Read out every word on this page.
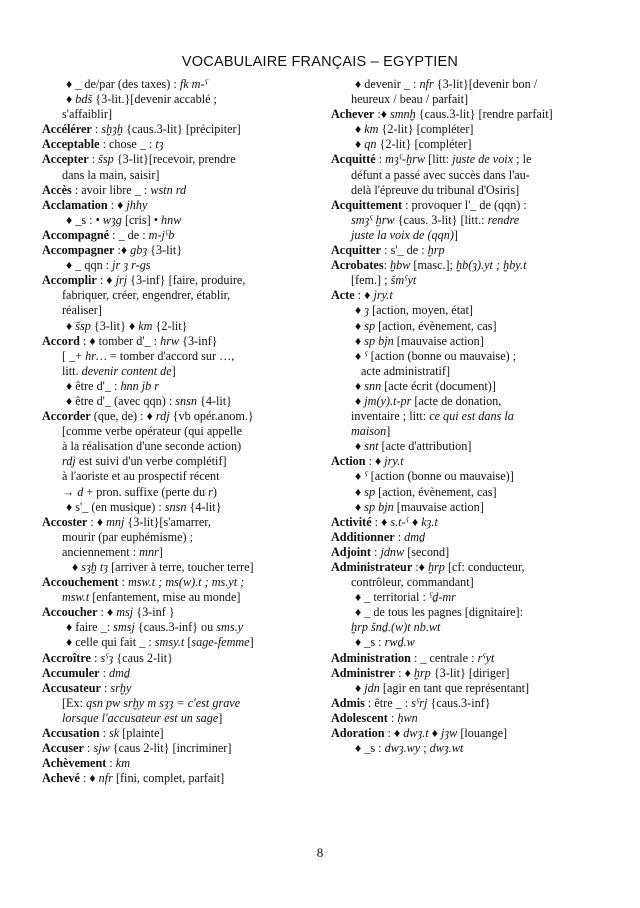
VOCABULAIRE FRANÇAIS – EGYPTIEN
♦ _ de/par (des taxes) : fk m-ˁ
♦ bdš {3-lit.}[devenir accablé ;
s'affaiblir]
Accélérer : sḫȝḫ {caus.3-lit} [précipiter]
Acceptable : chose _ : tȝ
Accepter : šsp {3-lit}[recevoir, prendre
dans la main, saisir]
Accès : avoir libre _ : wstn rd
Acclamation : ♦ jhhy
♦ _s : • wȝg [cris] • hnw
Accompagné : _ de : m-jˁb
Accompagner :♦ gbȝ {3-lit}
♦ _ qqn : jr ȝ r-gs
Accomplir : ♦ jrj {3-inf} [faire, produire,
fabriquer, créer, engendrer, établir,
réaliser]
♦ šsp {3-lit} ♦ km {2-lit}
Accord : ♦ tomber d'_ : hrw {3-inf}
[ _+ hr… = tomber d'accord sur …,
litt. devenir content de]
♦ être d'_ : hnn jb r
♦ être d'_ (avec qqn) : snsn {4-lit}
Accorder (que, de) : ♦ rdj {vb opér.anom.}
[comme verbe opérateur (qui appelle
à la réalisation d'une seconde action)
rdj est suivi d'un verbe complétif]
à l'aoriste et au prospectif récent
→ d + pron. suffixe (perte du r)
♦ s'_ (en musique) : snsn {4-lit}
Accoster : ♦ mnj {3-lit}[s'amarrer,
mourir (par euphémisme) ;
anciennement : mnr]
♦ sȝḫ tȝ [arriver à terre, toucher terre]
Accouchement : msw.t ; ms(w).t ; ms.yt ;
msw.t [enfantement, mise au monde]
Accoucher : ♦ msj {3-inf }
♦ faire _: smsj {caus.3-inf} ou sms.y
♦ celle qui fait _ : smsy.t [sage-femme]
Accroître : sˁȝ {caus 2-lit}
Accumuler : dmḏ
Accusateur : srḫy
[Ex: qsn pw srḫy m sȝȝ = c'est grave
lorsque l'accusateur est un sage]
Accusation : sk [plainte]
Accuser : sjw {caus 2-lit} [incriminer]
Achèvement : km
Achevé : ♦ nfr [fini, complet, parfait]
♦ devenir _ : nfr {3-lit}[devenir bon /
heureux / beau / parfait]
Achever :♦ smnḫ {caus.3-lit} [rendre parfait]
♦ km {2-lit} [compléter]
♦ qn {2-lit} [compléter]
Acquitté : mȝˁ-ḫrw [litt: juste de voix ; le
défunt a passé avec succès dans l'au-
delà l'épreuve du tribunal d'Osiris]
Acquittement : provoquer l'_ de (qqn) :
smȝˁ ḫrw {caus. 3-lit} [litt.: rendre
juste la voix de (qqn)]
Acquitter : s'_ de : ḫrp
Acrobates: ḫbw [masc.]; ḫb(ȝ).yt ; ḫby.t
[fem.] ; šmˁyt
Acte : ♦ jry.t
♦ ȝ [action, moyen, état]
♦ sp [action, évènement, cas]
♦ sp bjn [mauvaise action]
♦ ˁ [action (bonne ou mauvaise) ;
acte administratif]
♦ snn [acte écrit (document)]
♦ jm(y).t-pr [acte de donation,
inventaire ; litt: ce qui est dans la
maison]
♦ snt [acte d'attribution]
Action : ♦ jry.t
♦ ˁ [action (bonne ou mauvaise)]
♦ sp [action, évènement, cas]
♦ sp bjn [mauvaise action]
Activité : ♦ s.t-ˁ ♦ kȝ.t
Additionner : dmḏ
Adjoint : jdnw [second]
Administrateur :♦ ḫrp [cf: conducteur,
contrôleur, commandant]
♦ _ territorial : ˁḏ-mr
♦ _ de tous les pagnes [dignitaire]:
ḫrp šnḏ.(w)t nb.wt
♦ _s : rwḏ.w
Administration : _ centrale : rˁyt
Administrer : ♦ ḫrp {3-lit} [diriger]
♦ jdn [agir en tant que représentant]
Admis : être _ : sˁrj {caus.3-inf}
Adolescent : ḥwn
Adoration : ♦ dwȝ.t ♦ jȝw [louange]
♦ _s : dwȝ.wy ; dwȝ.wt
8
